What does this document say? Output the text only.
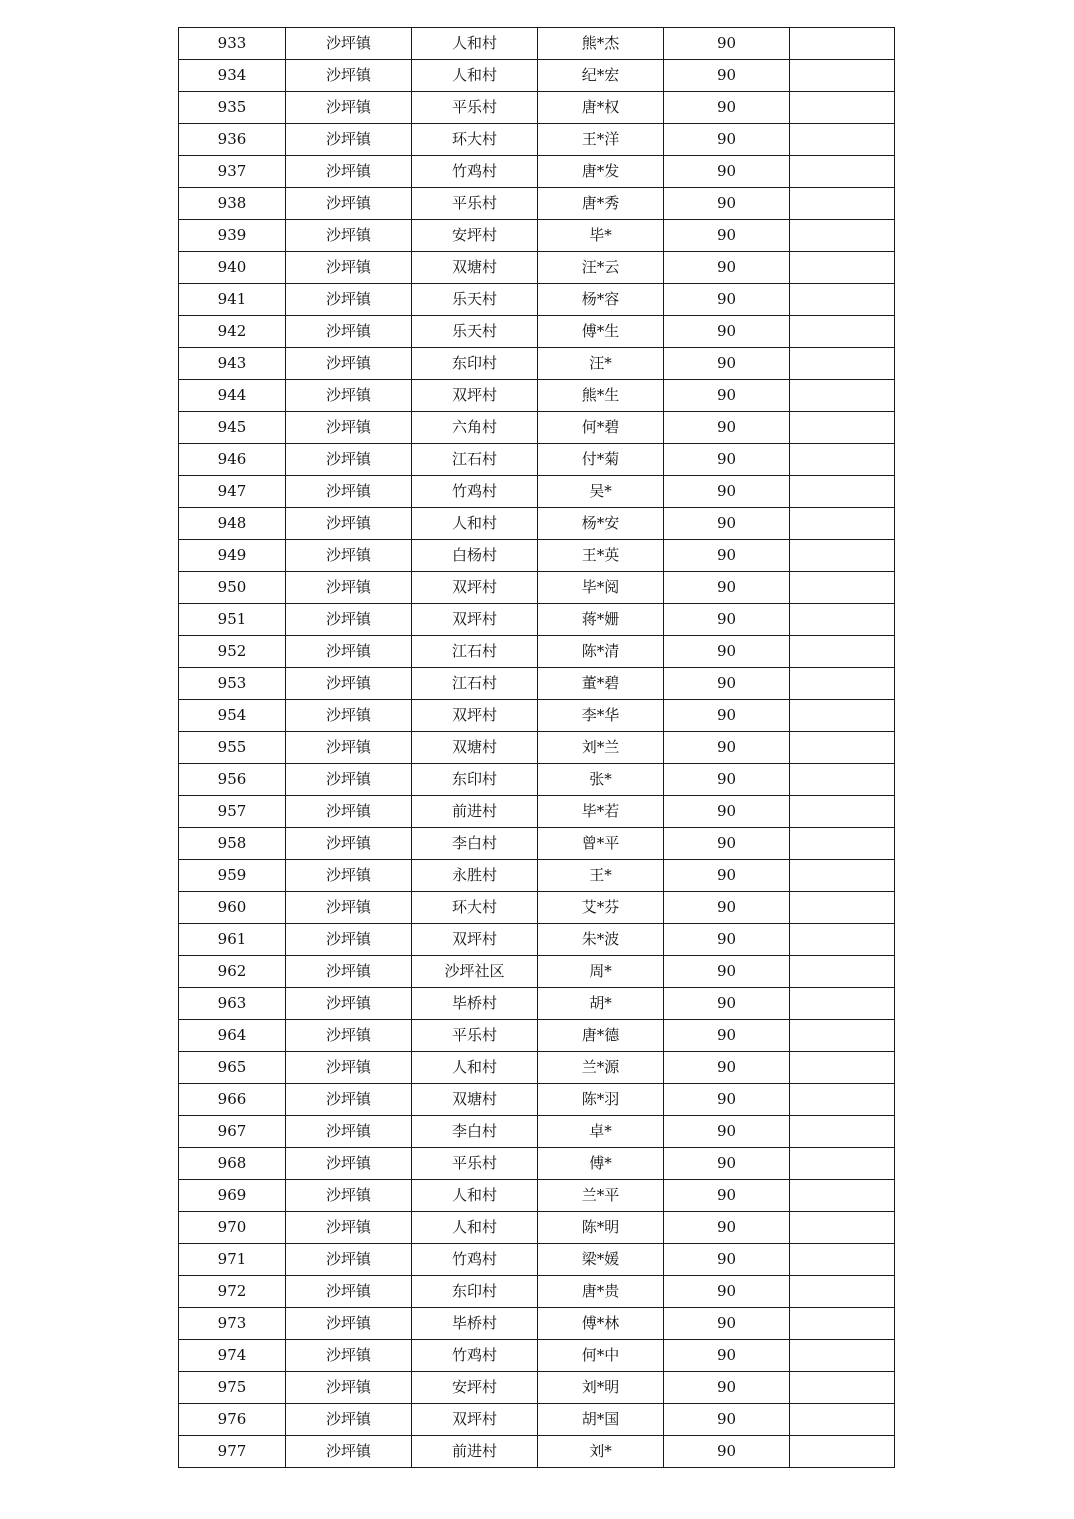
933	沙坪镇	人和村	熊*杰	90	
934	沙坪镇	人和村	纪*宏	90	
935	沙坪镇	平乐村	唐*权	90	
936	沙坪镇	环大村	王*洋	90	
937	沙坪镇	竹鸡村	唐*发	90	
938	沙坪镇	平乐村	唐*秀	90	
939	沙坪镇	安坪村	毕*	90	
940	沙坪镇	双塘村	汪*云	90	
941	沙坪镇	乐天村	杨*容	90	
942	沙坪镇	乐天村	傅*生	90	
943	沙坪镇	东印村	汪*	90	
944	沙坪镇	双坪村	熊*生	90	
945	沙坪镇	六角村	何*碧	90	
946	沙坪镇	江石村	付*菊	90	
947	沙坪镇	竹鸡村	吴*	90	
948	沙坪镇	人和村	杨*安	90	
949	沙坪镇	白杨村	王*英	90	
950	沙坪镇	双坪村	毕*阅	90	
951	沙坪镇	双坪村	蒋*姗	90	
952	沙坪镇	江石村	陈*清	90	
953	沙坪镇	江石村	董*碧	90	
954	沙坪镇	双坪村	李*华	90	
955	沙坪镇	双塘村	刘*兰	90	
956	沙坪镇	东印村	张*	90	
957	沙坪镇	前进村	毕*若	90	
958	沙坪镇	李白村	曾*平	90	
959	沙坪镇	永胜村	王*	90	
960	沙坪镇	环大村	艾*芬	90	
961	沙坪镇	双坪村	朱*波	90	
962	沙坪镇	沙坪社区	周*	90	
963	沙坪镇	毕桥村	胡*	90	
964	沙坪镇	平乐村	唐*德	90	
965	沙坪镇	人和村	兰*源	90	
966	沙坪镇	双塘村	陈*羽	90	
967	沙坪镇	李白村	卓*	90	
968	沙坪镇	平乐村	傅*	90	
969	沙坪镇	人和村	兰*平	90	
970	沙坪镇	人和村	陈*明	90	
971	沙坪镇	竹鸡村	梁*媛	90	
972	沙坪镇	东印村	唐*贵	90	
973	沙坪镇	毕桥村	傅*林	90	
974	沙坪镇	竹鸡村	何*中	90	
975	沙坪镇	安坪村	刘*明	90	
976	沙坪镇	双坪村	胡*国	90	
977	沙坪镇	前进村	刘*	90	
